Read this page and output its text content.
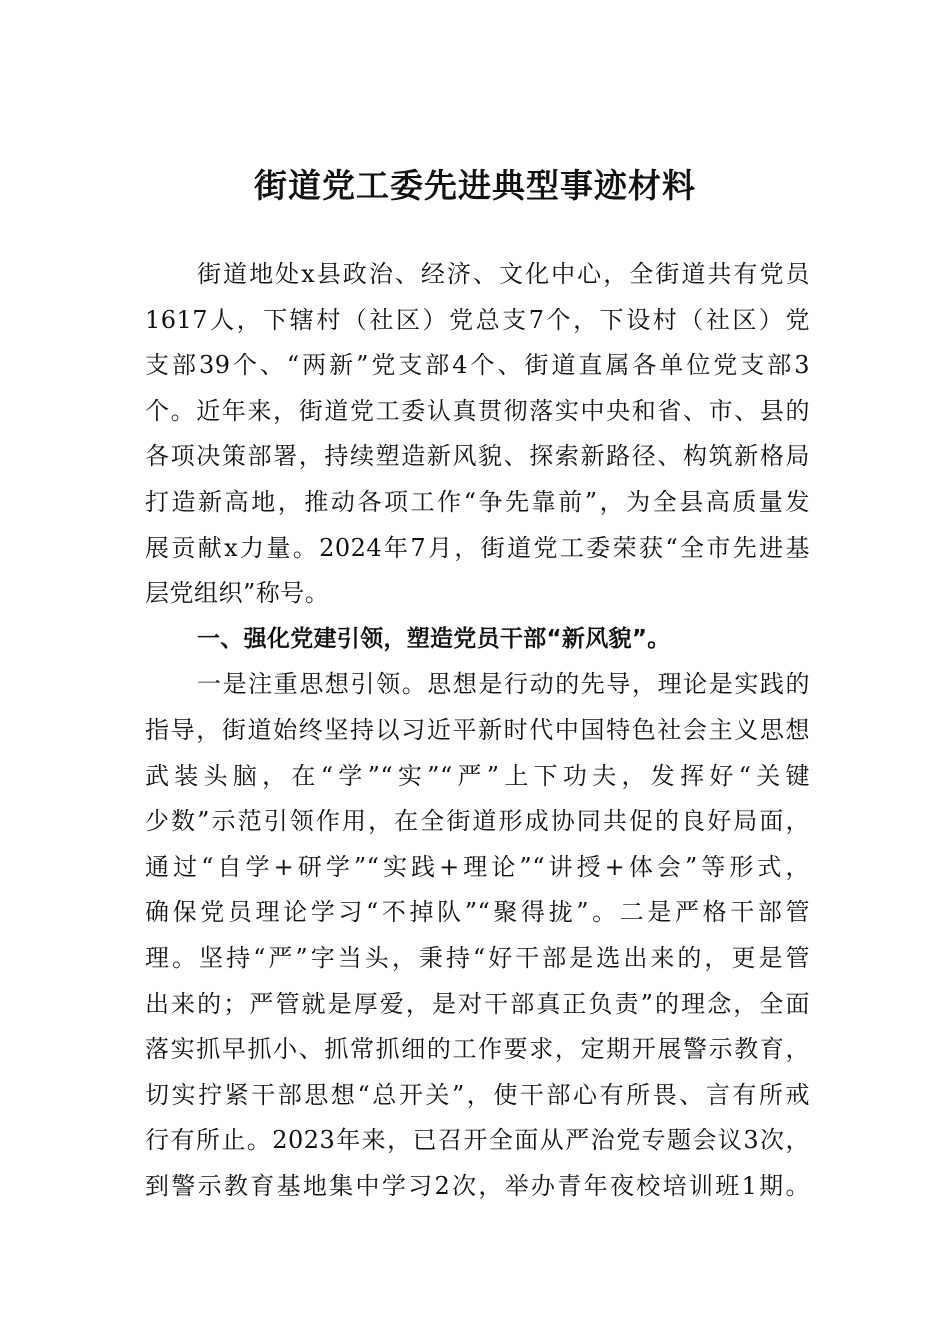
街道党工委先进典型事迹材料
街道地处x县政治、经济、文化中心，全街道共有党员
1617人，下辖村（社区）党总支7个，下设村（社区）党
支部39个、“两新”党支部4个、街道直属各单位党支部3
个。近年来，街道党工委认真贯彻落实中央和省、市、县的
各项决策部署，持续塑造新风貌、探索新路径、构筑新格局
打造新高地，推动各项工作“争先靠前”，为全县高质量发
展贡献x力量。2024年7月，街道党工委荣获“全市先进基
层党组织”称号。
一、强化党建引领，塑造党员干部“新风貌”。
一是注重思想引领。思想是行动的先导，理论是实践的
指导，街道始终坚持以习近平新时代中国特色社会主义思想
武装头脑，在“学”“实”“严”上下功夫，发挥好“关键
少数”示范引领作用，在全街道形成协同共促的良好局面，
通过“自学+研学”“实践+理论”“讲授+体会”等形式，
确保党员理论学习“不掉队”“聚得拢”。二是严格干部管
理。坚持“严”字当头，秉持“好干部是选出来的，更是管
出来的；严管就是厚爱，是对干部真正负责”的理念，全面
落实抓早抓小、抓常抓细的工作要求，定期开展警示教育，
切实拧紧干部思想“总开关”，使干部心有所畏、言有所戒
行有所止。2023年来，已召开全面从严治党专题会议3次，
到警示教育基地集中学习2次，举办青年夜校培训班1期。
